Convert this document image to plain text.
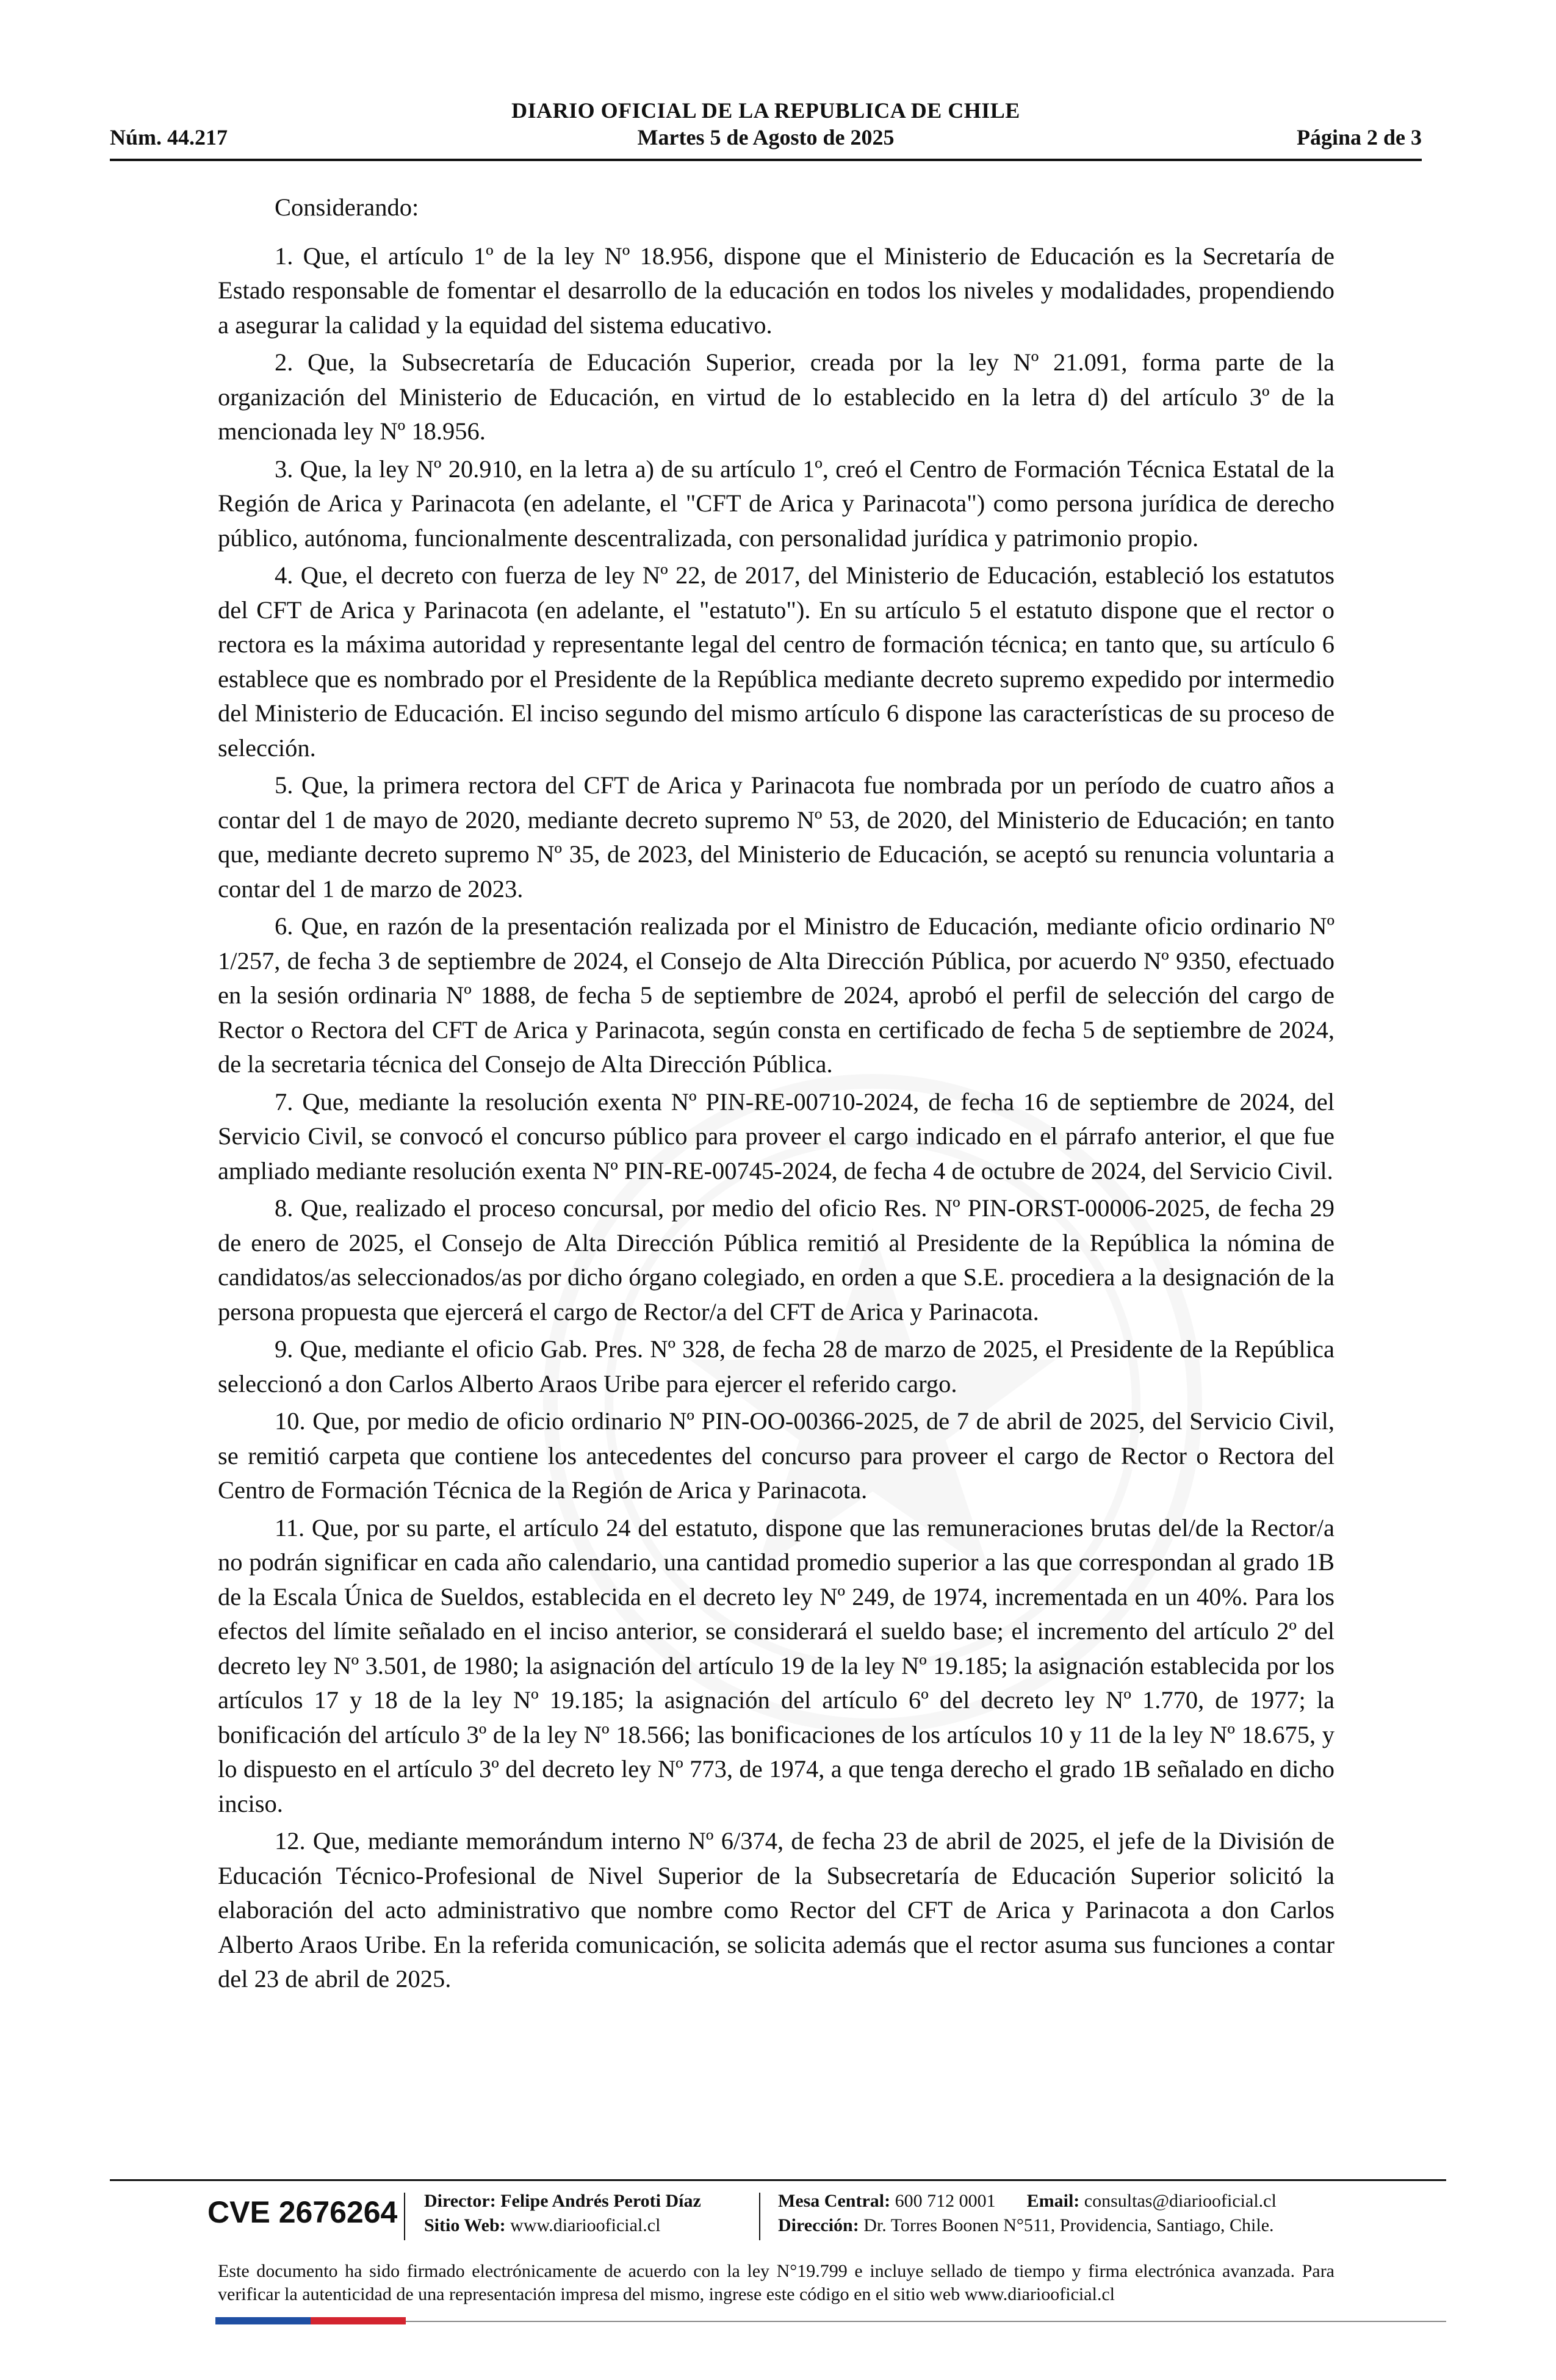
DIARIO OFICIAL DE LA REPUBLICA DE CHILE
Núm. 44.217	Martes 5 de Agosto de 2025	Página 2 de 3

Considerando:

1. Que, el artículo 1º de la ley Nº 18.956, dispone que el Ministerio de Educación es la Secretaría de Estado responsable de fomentar el desarrollo de la educación en todos los niveles y modalidades, propendiendo a asegurar la calidad y la equidad del sistema educativo.

2. Que, la Subsecretaría de Educación Superior, creada por la ley Nº 21.091, forma parte de la organización del Ministerio de Educación, en virtud de lo establecido en la letra d) del artículo 3º de la mencionada ley Nº 18.956.

3. Que, la ley Nº 20.910, en la letra a) de su artículo 1º, creó el Centro de Formación Técnica Estatal de la Región de Arica y Parinacota (en adelante, el "CFT de Arica y Parinacota") como persona jurídica de derecho público, autónoma, funcionalmente descentralizada, con personalidad jurídica y patrimonio propio.

4. Que, el decreto con fuerza de ley Nº 22, de 2017, del Ministerio de Educación, estableció los estatutos del CFT de Arica y Parinacota (en adelante, el "estatuto"). En su artículo 5 el estatuto dispone que el rector o rectora es la máxima autoridad y representante legal del centro de formación técnica; en tanto que, su artículo 6 establece que es nombrado por el Presidente de la República mediante decreto supremo expedido por intermedio del Ministerio de Educación. El inciso segundo del mismo artículo 6 dispone las características de su proceso de selección.

5. Que, la primera rectora del CFT de Arica y Parinacota fue nombrada por un período de cuatro años a contar del 1 de mayo de 2020, mediante decreto supremo Nº 53, de 2020, del Ministerio de Educación; en tanto que, mediante decreto supremo Nº 35, de 2023, del Ministerio de Educación, se aceptó su renuncia voluntaria a contar del 1 de marzo de 2023.

6. Que, en razón de la presentación realizada por el Ministro de Educación, mediante oficio ordinario Nº 1/257, de fecha 3 de septiembre de 2024, el Consejo de Alta Dirección Pública, por acuerdo Nº 9350, efectuado en la sesión ordinaria Nº 1888, de fecha 5 de septiembre de 2024, aprobó el perfil de selección del cargo de Rector o Rectora del CFT de Arica y Parinacota, según consta en certificado de fecha 5 de septiembre de 2024, de la secretaria técnica del Consejo de Alta Dirección Pública.

7. Que, mediante la resolución exenta Nº PIN-RE-00710-2024, de fecha 16 de septiembre de 2024, del Servicio Civil, se convocó el concurso público para proveer el cargo indicado en el párrafo anterior, el que fue ampliado mediante resolución exenta Nº PIN-RE-00745-2024, de fecha 4 de octubre de 2024, del Servicio Civil.

8. Que, realizado el proceso concursal, por medio del oficio Res. Nº PIN-ORST-00006-2025, de fecha 29 de enero de 2025, el Consejo de Alta Dirección Pública remitió al Presidente de la República la nómina de candidatos/as seleccionados/as por dicho órgano colegiado, en orden a que S.E. procediera a la designación de la persona propuesta que ejercerá el cargo de Rector/a del CFT de Arica y Parinacota.

9. Que, mediante el oficio Gab. Pres. Nº 328, de fecha 28 de marzo de 2025, el Presidente de la República seleccionó a don Carlos Alberto Araos Uribe para ejercer el referido cargo.

10. Que, por medio de oficio ordinario Nº PIN-OO-00366-2025, de 7 de abril de 2025, del Servicio Civil, se remitió carpeta que contiene los antecedentes del concurso para proveer el cargo de Rector o Rectora del Centro de Formación Técnica de la Región de Arica y Parinacota.

11. Que, por su parte, el artículo 24 del estatuto, dispone que las remuneraciones brutas del/de la Rector/a no podrán significar en cada año calendario, una cantidad promedio superior a las que correspondan al grado 1B de la Escala Única de Sueldos, establecida en el decreto ley Nº 249, de 1974, incrementada en un 40%. Para los efectos del límite señalado en el inciso anterior, se considerará el sueldo base; el incremento del artículo 2º del decreto ley Nº 3.501, de 1980; la asignación del artículo 19 de la ley Nº 19.185; la asignación establecida por los artículos 17 y 18 de la ley Nº 19.185; la asignación del artículo 6º del decreto ley Nº 1.770, de 1977; la bonificación del artículo 3º de la ley Nº 18.566; las bonificaciones de los artículos 10 y 11 de la ley Nº 18.675, y lo dispuesto en el artículo 3º del decreto ley Nº 773, de 1974, a que tenga derecho el grado 1B señalado en dicho inciso.

12. Que, mediante memorándum interno Nº 6/374, de fecha 23 de abril de 2025, el jefe de la División de Educación Técnico-Profesional de Nivel Superior de la Subsecretaría de Educación Superior solicitó la elaboración del acto administrativo que nombre como Rector del CFT de Arica y Parinacota a don Carlos Alberto Araos Uribe. En la referida comunicación, se solicita además que el rector asuma sus funciones a contar del 23 de abril de 2025.

CVE 2676264 Director: Felipe Andrés Peroti Díaz
Sitio Web: www.diariooficial.cl
Mesa Central: 600 712 0001 Email: consultas@diariooficial.cl
Dirección: Dr. Torres Boonen N°511, Providencia, Santiago, Chile.
Este documento ha sido firmado electrónicamente de acuerdo con la ley N°19.799 e incluye sellado de tiempo y firma electrónica avanzada. Para verificar la autenticidad de una representación impresa del mismo, ingrese este código en el sitio web www.diariooficial.cl
